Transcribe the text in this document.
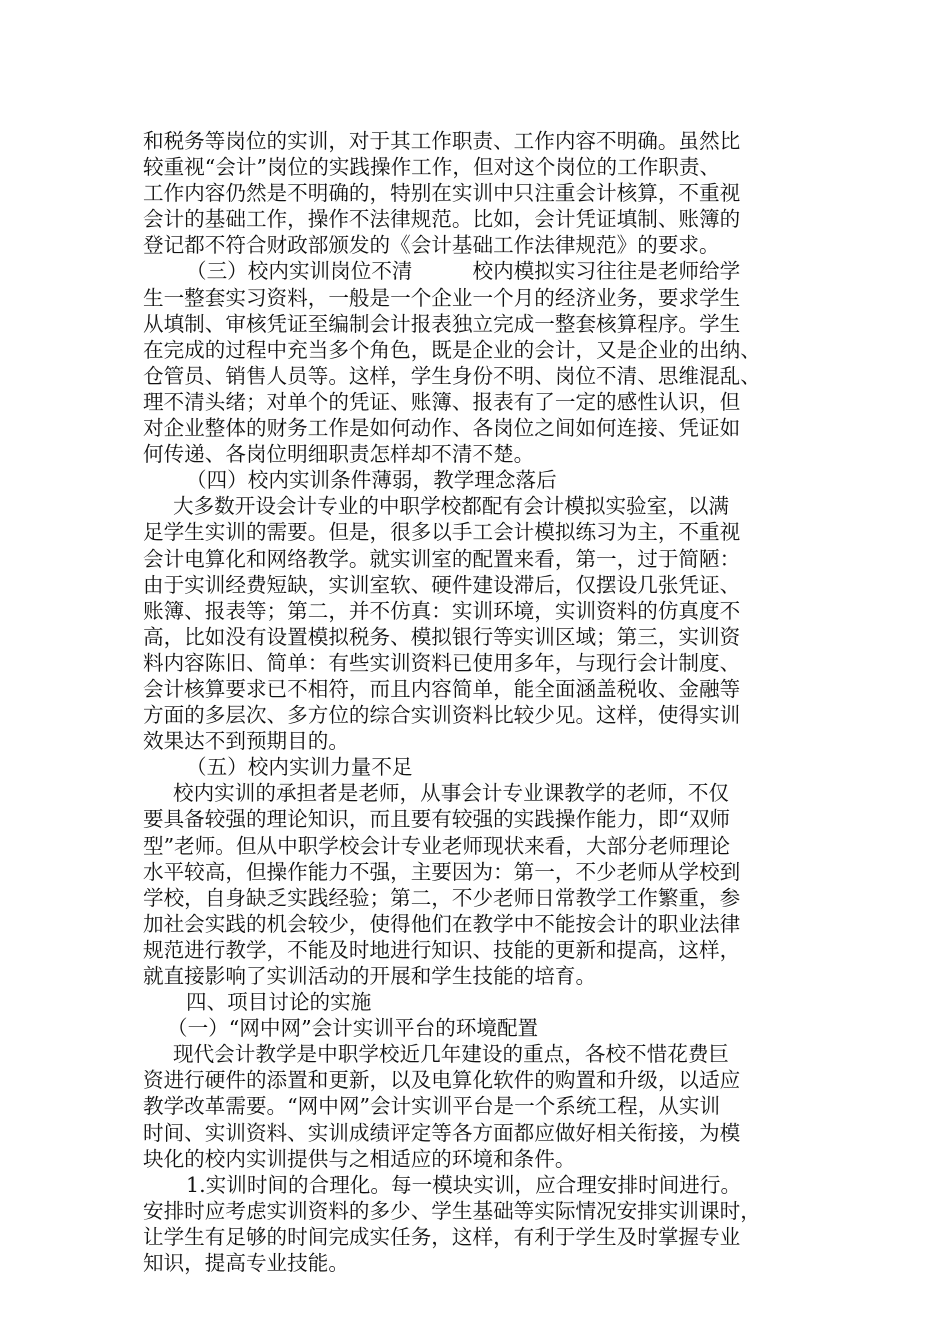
和税务等岗位的实训，对于其工作职责、工作内容不明确。虽然比
较重视“会计”岗位的实践操作工作，但对这个岗位的工作职责、
工作内容仍然是不明确的，特别在实训中只注重会计核算，不重视
会计的基础工作，操作不法律规范。比如，会计凭证填制、账簿的
登记都不符合财政部颁发的《会计基础工作法律规范》的要求。
（三）校内实训岗位不清	校内模拟实习往往是老师给学
生一整套实习资料，一般是一个企业一个月的经济业务，要求学生
从填制、审核凭证至编制会计报表独立完成一整套核算程序。学生
在完成的过程中充当多个角色，既是企业的会计，又是企业的出纳、
仓管员、销售人员等。这样，学生身份不明、岗位不清、思维混乱、
理不清头绪；对单个的凭证、账簿、报表有了一定的感性认识，但
对企业整体的财务工作是如何动作、各岗位之间如何连接、凭证如
何传递、各岗位明细职责怎样却不清不楚。
（四）校内实训条件薄弱，教学理念落后
大多数开设会计专业的中职学校都配有会计模拟实验室，以满
足学生实训的需要。但是，很多以手工会计模拟练习为主，不重视
会计电算化和网络教学。就实训室的配置来看，第一，过于简陋：
由于实训经费短缺，实训室软、硬件建设滞后，仅摆设几张凭证、
账簿、报表等；第二，并不仿真：实训环境，实训资料的仿真度不
高，比如没有设置模拟税务、模拟银行等实训区域；第三，实训资
料内容陈旧、简单：有些实训资料已使用多年，与现行会计制度、
会计核算要求已不相符，而且内容简单，能全面涵盖税收、金融等
方面的多层次、多方位的综合实训资料比较少见。这样，使得实训
效果达不到预期目的。
（五）校内实训力量不足
校内实训的承担者是老师，从事会计专业课教学的老师，不仅
要具备较强的理论知识，而且要有较强的实践操作能力，即“双师
型”老师。但从中职学校会计专业老师现状来看，大部分老师理论
水平较高，但操作能力不强，主要因为：第一，不少老师从学校到
学校，自身缺乏实践经验；第二，不少老师日常教学工作繁重，参
加社会实践的机会较少，使得他们在教学中不能按会计的职业法律
规范进行教学，不能及时地进行知识、技能的更新和提高，这样，
就直接影响了实训活动的开展和学生技能的培育。
四、项目讨论的实施
（一）“网中网”会计实训平台的环境配置
现代会计教学是中职学校近几年建设的重点，各校不惜花费巨
资进行硬件的添置和更新，以及电算化软件的购置和升级，以适应
教学改革需要。“网中网”会计实训平台是一个系统工程，从实训
时间、实训资料、实训成绩评定等各方面都应做好相关衔接，为模
块化的校内实训提供与之相适应的环境和条件。
1.实训时间的合理化。每一模块实训，应合理安排时间进行。
安排时应考虑实训资料的多少、学生基础等实际情况安排实训课时，
让学生有足够的时间完成实任务，这样，有利于学生及时掌握专业
知识，提高专业技能。
